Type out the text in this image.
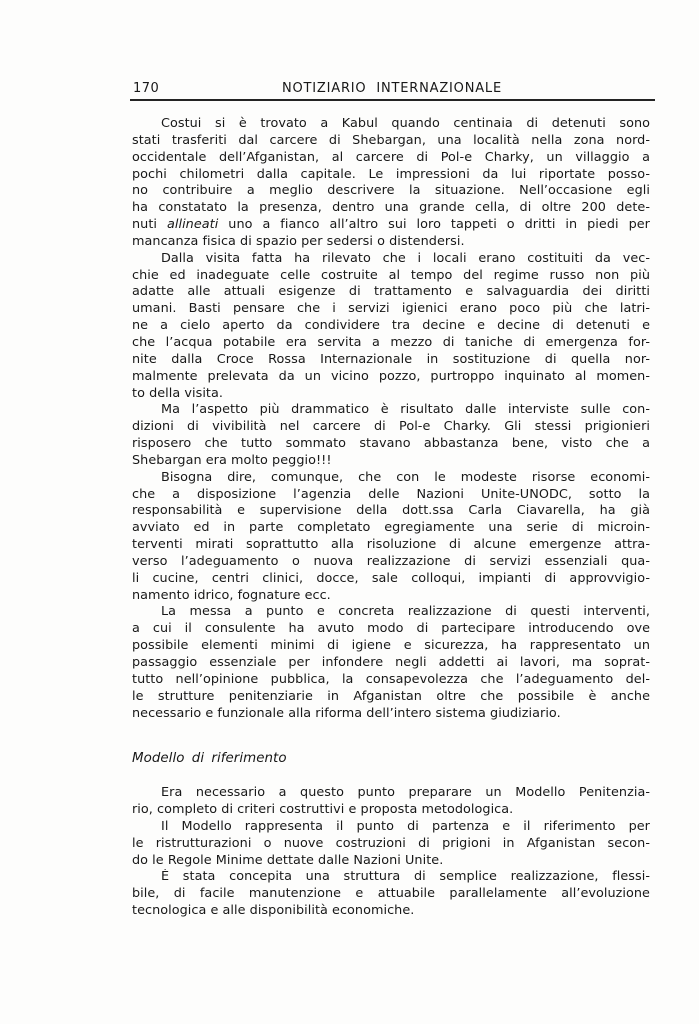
170	NOTIZIARIO INTERNAZIONALE
Costui si è trovato a Kabul quando centinaia di detenuti sono
stati trasferiti dal carcere di Shebargan, una località nella zona nord-
occidentale dell’Afganistan, al carcere di Pol-e Charky, un villaggio a
pochi chilometri dalla capitale. Le impressioni da lui riportate posso-
no contribuire a meglio descrivere la situazione. Nell’occasione egli
ha constatato la presenza, dentro una grande cella, di oltre 200 dete-
nuti allineati uno a fianco all’altro sui loro tappeti o dritti in piedi per
mancanza fisica di spazio per sedersi o distendersi.
Dalla visita fatta ha rilevato che i locali erano costituiti da vec-
chie ed inadeguate celle costruite al tempo del regime russo non più
adatte alle attuali esigenze di trattamento e salvaguardia dei diritti
umani. Basti pensare che i servizi igienici erano poco più che latri-
ne a cielo aperto da condividere tra decine e decine di detenuti e
che l’acqua potabile era servita a mezzo di taniche di emergenza for-
nite dalla Croce Rossa Internazionale in sostituzione di quella nor-
malmente prelevata da un vicino pozzo, purtroppo inquinato al momen-
to della visita.
Ma l’aspetto più drammatico è risultato dalle interviste sulle con-
dizioni di vivibilità nel carcere di Pol-e Charky. Gli stessi prigionieri
risposero che tutto sommato stavano abbastanza bene, visto che a
Shebargan era molto peggio!!!
Bisogna dire, comunque, che con le modeste risorse economi-
che a disposizione l’agenzia delle Nazioni Unite-UNODC, sotto la
responsabilità e supervisione della dott.ssa Carla Ciavarella, ha già
avviato ed in parte completato egregiamente una serie di microin-
terventi mirati soprattutto alla risoluzione di alcune emergenze attra-
verso l’adeguamento o nuova realizzazione di servizi essenziali qua-
li cucine, centri clinici, docce, sale colloqui, impianti di approvvigio-
namento idrico, fognature ecc.
La messa a punto e concreta realizzazione di questi interventi,
a cui il consulente ha avuto modo di partecipare introducendo ove
possibile elementi minimi di igiene e sicurezza, ha rappresentato un
passaggio essenziale per infondere negli addetti ai lavori, ma soprat-
tutto nell’opinione pubblica, la consapevolezza che l’adeguamento del-
le strutture penitenziarie in Afganistan oltre che possibile è anche
necessario e funzionale alla riforma dell’intero sistema giudiziario.
Modello di riferimento
Era necessario a questo punto preparare un Modello Penitenzia-
rio, completo di criteri costruttivi e proposta metodologica.
Il Modello rappresenta il punto di partenza e il riferimento per
le ristrutturazioni o nuove costruzioni di prigioni in Afganistan secon-
do le Regole Minime dettate dalle Nazioni Unite.
È stata concepita una struttura di semplice realizzazione, flessi-
bile, di facile manutenzione e attuabile parallelamente all’evoluzione
tecnologica e alle disponibilità economiche.
